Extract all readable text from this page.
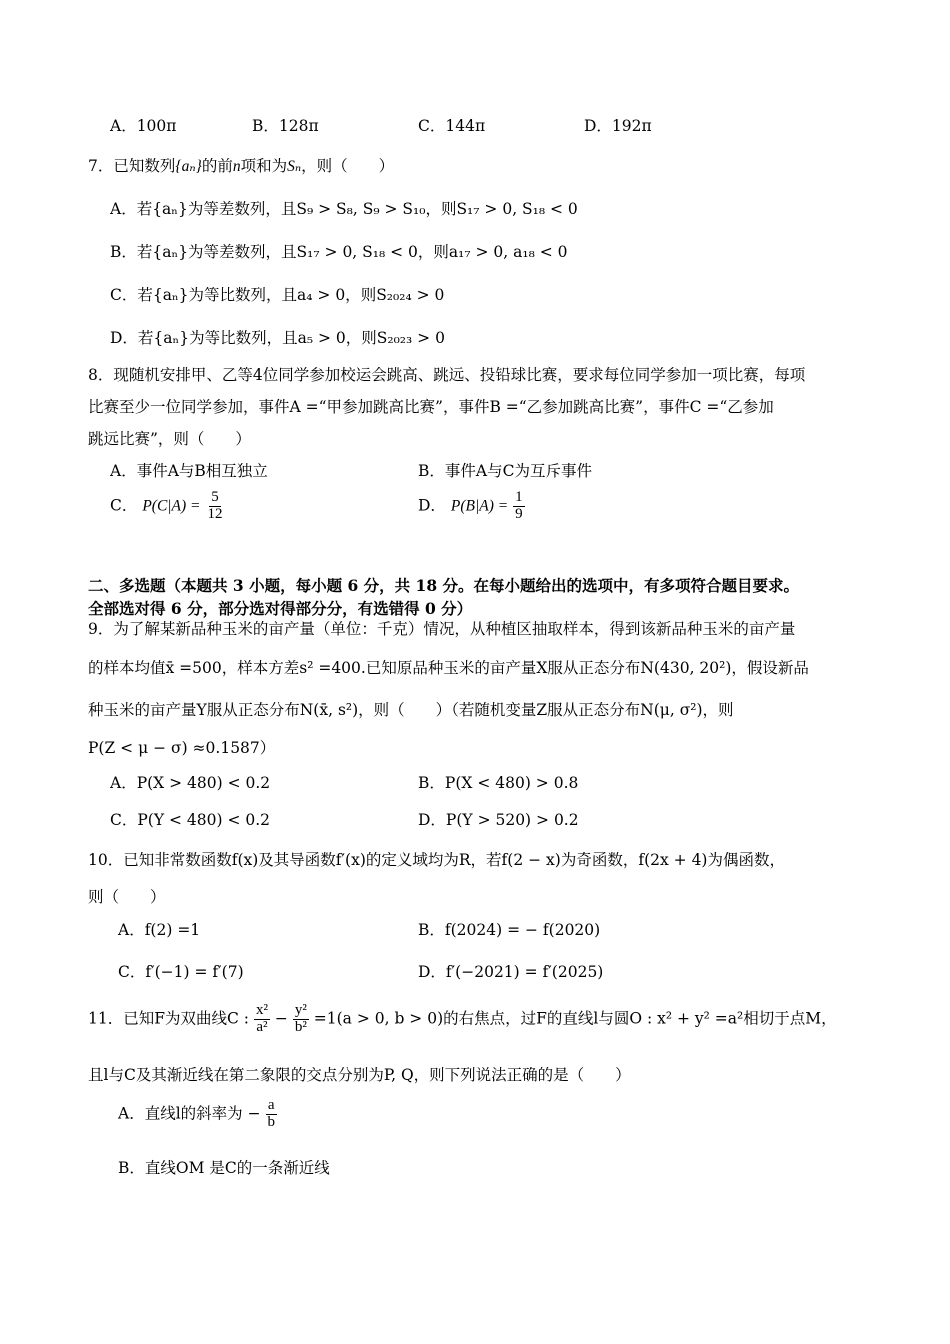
A．100π	B．128π	C．144π	D．192π
7．已知数列{aₙ}的前n项和为Sₙ，则（　　）
A．若{aₙ}为等差数列，且S₉ > S₈, S₉ > S₁₀，则S₁₇ > 0, S₁₈ < 0
B．若{aₙ}为等差数列，且S₁₇ > 0, S₁₈ < 0，则a₁₇ > 0, a₁₈ < 0
C．若{aₙ}为等比数列，且a₄ > 0，则S₂₀₂₄ > 0
D．若{aₙ}为等比数列，且a₅ > 0，则S₂₀₂₃ > 0
8．现随机安排甲、乙等4位同学参加校运会跳高、跳远、投铅球比赛，要求每位同学参加一项比赛，每项
比赛至少一位同学参加，事件A =“甲参加跳高比赛”，事件B =“乙参加跳高比赛”，事件C =“乙参加
跳远比赛”，则（　　）
A．事件A与B相互独立	B．事件A与C为互斥事件
C． $P(C|A) = \frac{5}{12}$	D． $P(B|A) = \frac{1}{9}$
二、多选题（本题共 3 小题，每小题 6 分，共 18 分。在每小题给出的选项中，有多项符合题目要求。
全部选对得 6 分，部分选对得部分分，有选错得 0 分）
9．为了解某新品种玉米的亩产量（单位：千克）情况，从种植区抽取样本，得到该新品种玉米的亩产量
的样本均值x̄ =500，样本方差s² =400.已知原品种玉米的亩产量X服从正态分布N(430, 20²)，假设新品
种玉米的亩产量Y服从正态分布N(x̄, s²)，则（　　）（若随机变量Z服从正态分布N(μ, σ²)，则
P(Z < μ − σ) ≈0.1587）
A．P(X > 480) < 0.2	B．P(X < 480) > 0.8
C．P(Y < 480) < 0.2	D．P(Y > 520) > 0.2
10．已知非常数函数f(x)及其导函数f′(x)的定义域均为R，若f(2 − x)为奇函数，f(2x + 4)为偶函数，
则（　　）
A．f(2) =1	B．f(2024) = − f(2020)
C．f′(−1) = f′(7)	D．f′(−2021) = f′(2025)
11．已知F为双曲线C : $\frac{\text{x²}}{\text{a²}} - \frac{\text{y²}}{\text{b²}} =1(a > 0$, b > 0)的右焦点，过F的直线l与圆O : x² + y² =a²相切于点M，
且l与C及其渐近线在第二象限的交点分别为P, Q，则下列说法正确的是（　　）
A．直线l的斜率为 − $\frac{a}{b}$
B．直线OM 是C的一条渐近线
